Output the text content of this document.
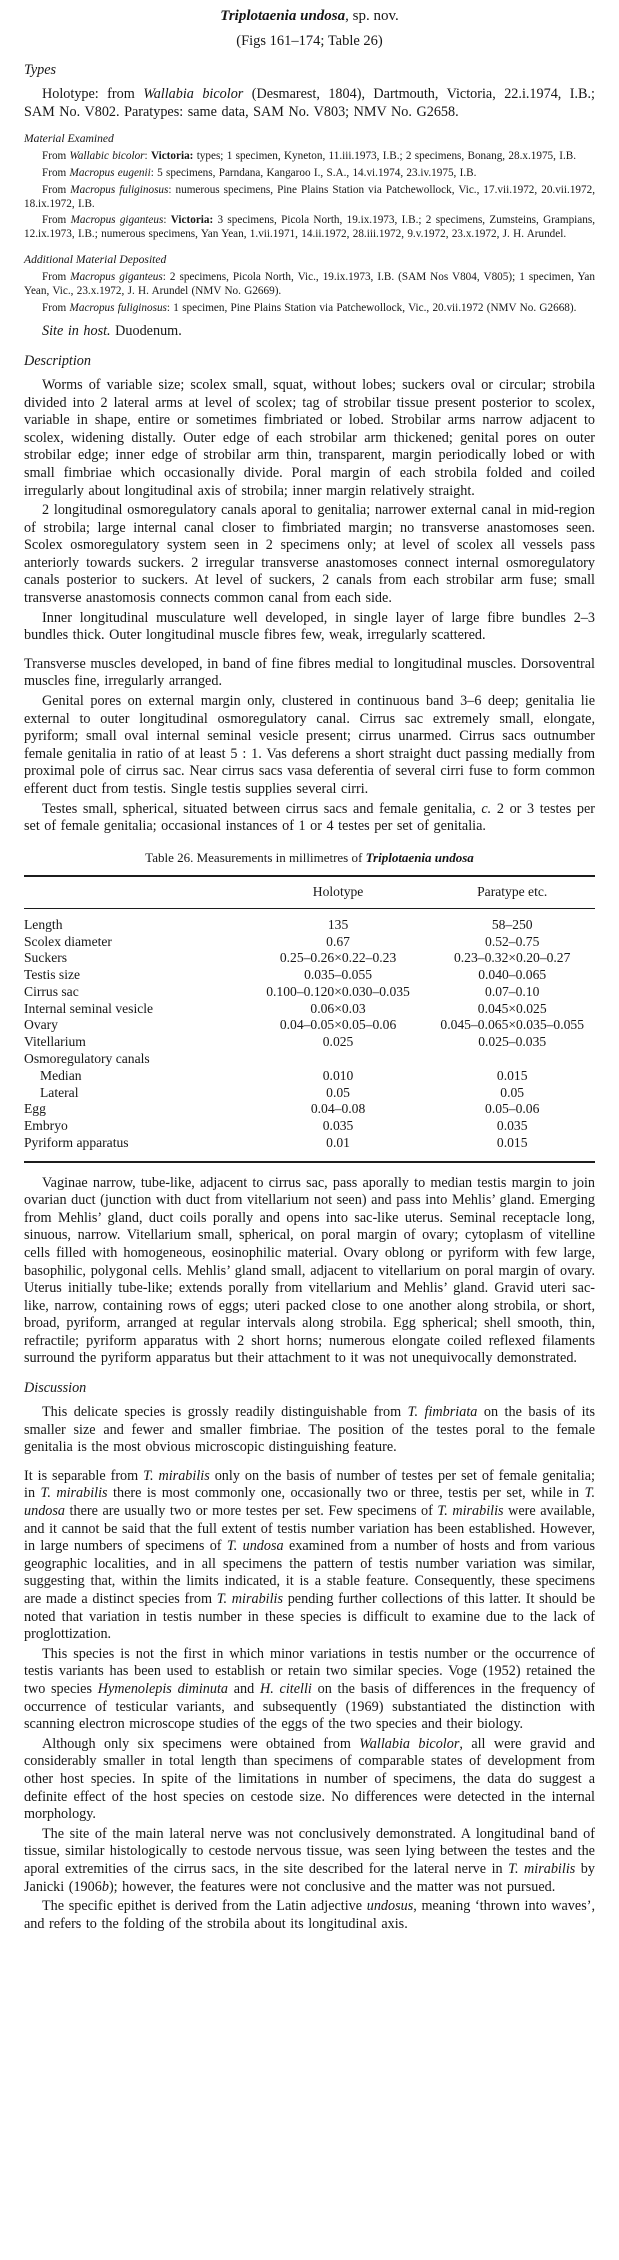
Triplotaenia undosa, sp. nov.
(Figs 161–174; Table 26)
Types

Holotype: from Wallabia bicolor (Desmarest, 1804), Dartmouth, Victoria, 22.i.1974, I.B.; SAM No. V802. Paratypes: same data, SAM No. V803; NMV No. G2658.

Material Examined

From Wallabic bicolor: Victoria: types; 1 specimen, Kyneton, 11.iii.1973, I.B.; 2 specimens, Bonang, 28.x.1975, I.B.

From Macropus eugenii: 5 specimens, Parndana, Kangaroo I., S.A., 14.vi.1974, 23.iv.1975, I.B.

From Macropus fuliginosus: numerous specimens, Pine Plains Station via Patchewollock, Vic., 17.vii.1972, 20.vii.1972, 18.ix.1972, I.B.

From Macropus giganteus: Victoria: 3 specimens, Picola North, 19.ix.1973, I.B.; 2 specimens, Zumsteins, Grampians, 12.ix.1973, I.B.; numerous specimens, Yan Yean, 1.vii.1971, 14.ii.1972, 28.iii.1972, 9.v.1972, 23.x.1972, J. H. Arundel.

Additional Material Deposited

From Macropus giganteus: 2 specimens, Picola North, Vic., 19.ix.1973, I.B. (SAM Nos V804, V805); 1 specimen, Yan Yean, Vic., 23.x.1972, J. H. Arundel (NMV No. G2669).

From Macropus fuliginosus: 1 specimen, Pine Plains Station via Patchewollock, Vic., 20.vii.1972 (NMV No. G2668).

Site in host. Duodenum.

Description

Worms of variable size; scolex small, squat, without lobes; suckers oval or circular; strobila divided into 2 lateral arms at level of scolex; tag of strobilar tissue present posterior to scolex, variable in shape, entire or sometimes fimbriated or lobed. Strobilar arms narrow adjacent to scolex, widening distally. Outer edge of each strobilar arm thickened; genital pores on outer strobilar edge; inner edge of strobilar arm thin, transparent, margin periodically lobed or with small fimbriae which occasionally divide. Poral margin of each strobila folded and coiled irregularly about longitudinal axis of strobila; inner margin relatively straight.

2 longitudinal osmoregulatory canals aporal to genitalia; narrower external canal in mid-region of strobila; large internal canal closer to fimbriated margin; no transverse anastomoses seen. Scolex osmoregulatory system seen in 2 specimens only; at level of scolex all vessels pass anteriorly towards suckers. 2 irregular transverse anastomoses connect internal osmoregulatory canals posterior to suckers. At level of suckers, 2 canals from each strobilar arm fuse; small transverse anastomosis connects common canal from each side.

Inner longitudinal musculature well developed, in single layer of large fibre bundles 2–3 bundles thick. Outer longitudinal muscle fibres few, weak, irregularly scattered.

Transverse muscles developed, in band of fine fibres medial to longitudinal muscles. Dorsoventral muscles fine, irregularly arranged.

Genital pores on external margin only, clustered in continuous band 3–6 deep; genitalia lie external to outer longitudinal osmoregulatory canal. Cirrus sac extremely small, elongate, pyriform; small oval internal seminal vesicle present; cirrus unarmed. Cirrus sacs outnumber female genitalia in ratio of at least 5 : 1. Vas deferens a short straight duct passing medially from proximal pole of cirrus sac. Near cirrus sacs vasa deferentia of several cirri fuse to form common efferent duct from testis. Single testis supplies several cirri.

Testes small, spherical, situated between cirrus sacs and female genitalia, c. 2 or 3 testes per set of female genitalia; occasional instances of 1 or 4 testes per set of genitalia.

Table 26. Measurements in millimetres of Triplotaenia undosa
	Holotype	Paratype etc.
Length	135	58–250
Scolex diameter	0.67	0.52–0.75
Suckers	0.25–0.26×0.22–0.23	0.23–0.32×0.20–0.27
Testis size	0.035–0.055	0.040–0.065
Cirrus sac	0.100–0.120×0.030–0.035	0.07–0.10
Internal seminal vesicle	0.06×0.03	0.045×0.025
Ovary	0.04–0.05×0.05–0.06	0.045–0.065×0.035–0.055
Vitellarium	0.025	0.025–0.035
Osmoregulatory canals		
Median	0.010	0.015
Lateral	0.05	0.05
Egg	0.04–0.08	0.05–0.06
Embryo	0.035	0.035
Pyriform apparatus	0.01	0.015

Vaginae narrow, tube-like, adjacent to cirrus sac, pass aporally to median testis margin to join ovarian duct (junction with duct from vitellarium not seen) and pass into Mehlis’ gland. Emerging from Mehlis’ gland, duct coils porally and opens into sac-like uterus. Seminal receptacle long, sinuous, narrow. Vitellarium small, spherical, on poral margin of ovary; cytoplasm of vitelline cells filled with homogeneous, eosinophilic material. Ovary oblong or pyriform with few large, basophilic, polygonal cells. Mehlis’ gland small, adjacent to vitellarium on poral margin of ovary. Uterus initially tube-like; extends porally from vitellarium and Mehlis’ gland. Gravid uteri sac-like, narrow, containing rows of eggs; uteri packed close to one another along strobila, or short, broad, pyriform, arranged at regular intervals along strobila. Egg spherical; shell smooth, thin, refractile; pyriform apparatus with 2 short horns; numerous elongate coiled reflexed filaments surround the pyriform apparatus but their attachment to it was not unequivocally demonstrated.

Discussion

This delicate species is grossly readily distinguishable from T. fimbriata on the basis of its smaller size and fewer and smaller fimbriae. The position of the testes poral to the female genitalia is the most obvious microscopic distinguishing feature.

It is separable from T. mirabilis only on the basis of number of testes per set of female genitalia; in T. mirabilis there is most commonly one, occasionally two or three, testis per set, while in T. undosa there are usually two or more testes per set. Few specimens of T. mirabilis were available, and it cannot be said that the full extent of testis number variation has been established. However, in large numbers of specimens of T. undosa examined from a number of hosts and from various geographic localities, and in all specimens the pattern of testis number variation was similar, suggesting that, within the limits indicated, it is a stable feature. Consequently, these specimens are made a distinct species from T. mirabilis pending further collections of this latter. It should be noted that variation in testis number in these species is difficult to examine due to the lack of proglottization.

This species is not the first in which minor variations in testis number or the occurrence of testis variants has been used to establish or retain two similar species. Voge (1952) retained the two species Hymenolepis diminuta and H. citelli on the basis of differences in the frequency of occurrence of testicular variants, and subsequently (1969) substantiated the distinction with scanning electron microscope studies of the eggs of the two species and their biology.

Although only six specimens were obtained from Wallabia bicolor, all were gravid and considerably smaller in total length than specimens of comparable states of development from other host species. In spite of the limitations in number of specimens, the data do suggest a definite effect of the host species on cestode size. No differences were detected in the internal morphology.

The site of the main lateral nerve was not conclusively demonstrated. A longitudinal band of tissue, similar histologically to cestode nervous tissue, was seen lying between the testes and the aporal extremities of the cirrus sacs, in the site described for the lateral nerve in T. mirabilis by Janicki (1906b); however, the features were not conclusive and the matter was not pursued.

The specific epithet is derived from the Latin adjective undosus, meaning ‘thrown into waves’, and refers to the folding of the strobila about its longitudinal axis.
